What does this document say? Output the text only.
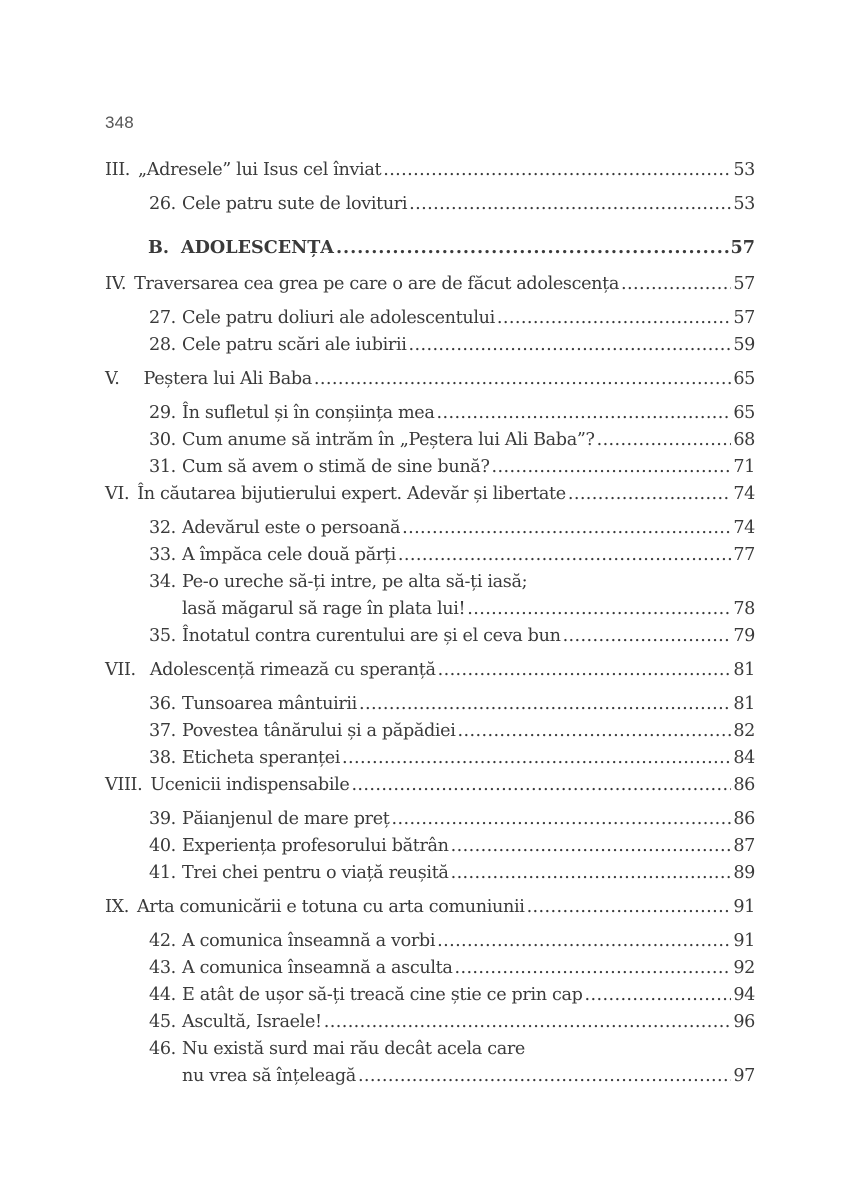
348
III. „Adresele” lui Isus cel înviat . . .	53
26. Cele patru sute de lovituri . . .	53
B. ADOLESCENȚA . . .	57
IV. Traversarea cea grea pe care o are de făcut adolescența . . .	57
27. Cele patru doliuri ale adolescentului . . .	57
28. Cele patru scări ale iubirii . . .	59
V. Peștera lui Ali Baba . . .	65
29. În sufletul și în conșiința mea . . .	65
30. Cum anume să intrăm în „Peștera lui Ali Baba”? . . .	68
31. Cum să avem o stimă de sine bună? . . .	71
VI. În căutarea bijutierului expert. Adevăr și libertate . . .	74
32. Adevărul este o persoană . . .	74
33. A împăca cele două părți . . .	77
34. Pe-o ureche să-ți intre, pe alta să-ți iasă;
lasă măgarul să rage în plata lui! . . .	78
35. Înotatul contra curentului are și el ceva bun . . .	79
VII. Adolescență rimează cu speranță . . .	81
36. Tunsoarea mântuirii . . .	81
37. Povestea tânărului și a păpădiei . . .	82
38. Eticheta speranței . . .	84
VIII. Ucenicii indispensabile . . .	86
39. Păianjenul de mare preț . . .	86
40. Experiența profesorului bătrân . . .	87
41. Trei chei pentru o viață reușită . . .	89
IX. Arta comunicării e totuna cu arta comuniunii . . .	91
42. A comunica înseamnă a vorbi . . .	91
43. A comunica înseamnă a asculta . . .	92
44. E atât de ușor să-ți treacă cine știe ce prin cap . . .	94
45. Ascultă, Israele! . . .	96
46. Nu există surd mai rău decât acela care
nu vrea să înțeleagă . . .	97
